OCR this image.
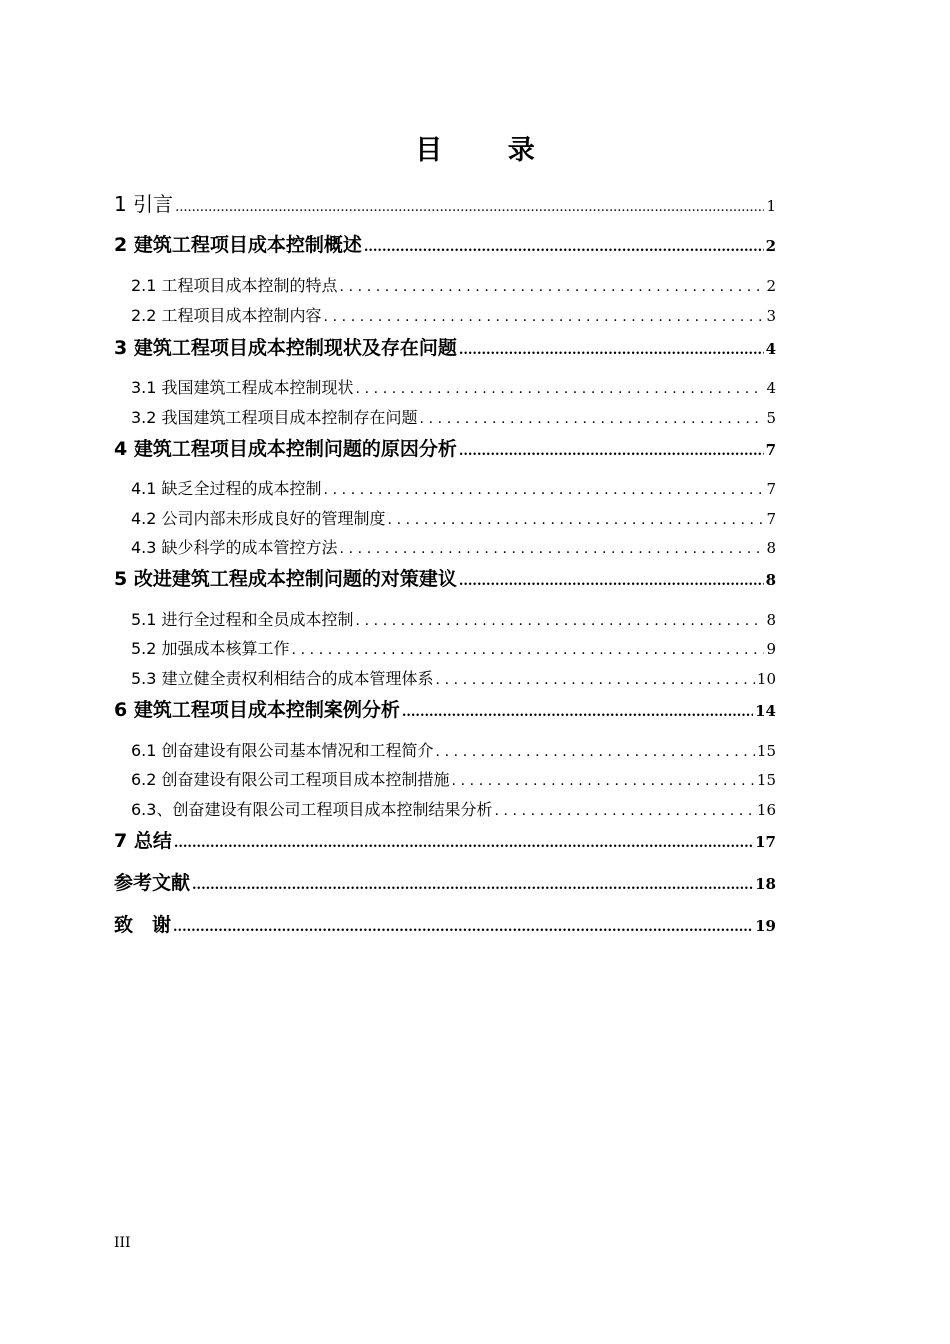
目 录
1 引言 .....	1
2 建筑工程项目成本控制概述 .....	2
2.1 工程项目成本控制的特点 .....	2
2.2 工程项目成本控制内容 .....	3
3 建筑工程项目成本控制现状及存在问题 .....	4
3.1 我国建筑工程成本控制现状 .....	4
3.2 我国建筑工程项目成本控制存在问题 .....	5
4 建筑工程项目成本控制问题的原因分析 .....	7
4.1 缺乏全过程的成本控制 .....	7
4.2 公司内部未形成良好的管理制度 .....	7
4.3 缺少科学的成本管控方法 .....	8
5 改进建筑工程成本控制问题的对策建议 .....	8
5.1 进行全过程和全员成本控制 .....	8
5.2 加强成本核算工作 .....	9
5.3 建立健全责权利相结合的成本管理体系 .....	10
6 建筑工程项目成本控制案例分析 .....	14
6.1 创奋建设有限公司基本情况和工程简介 .....	15
6.2 创奋建设有限公司工程项目成本控制措施 .....	15
6.3、创奋建设有限公司工程项目成本控制结果分析 .....	16
7 总结 .....	17
参考文献 .....	18
致　谢 .....	19
III
